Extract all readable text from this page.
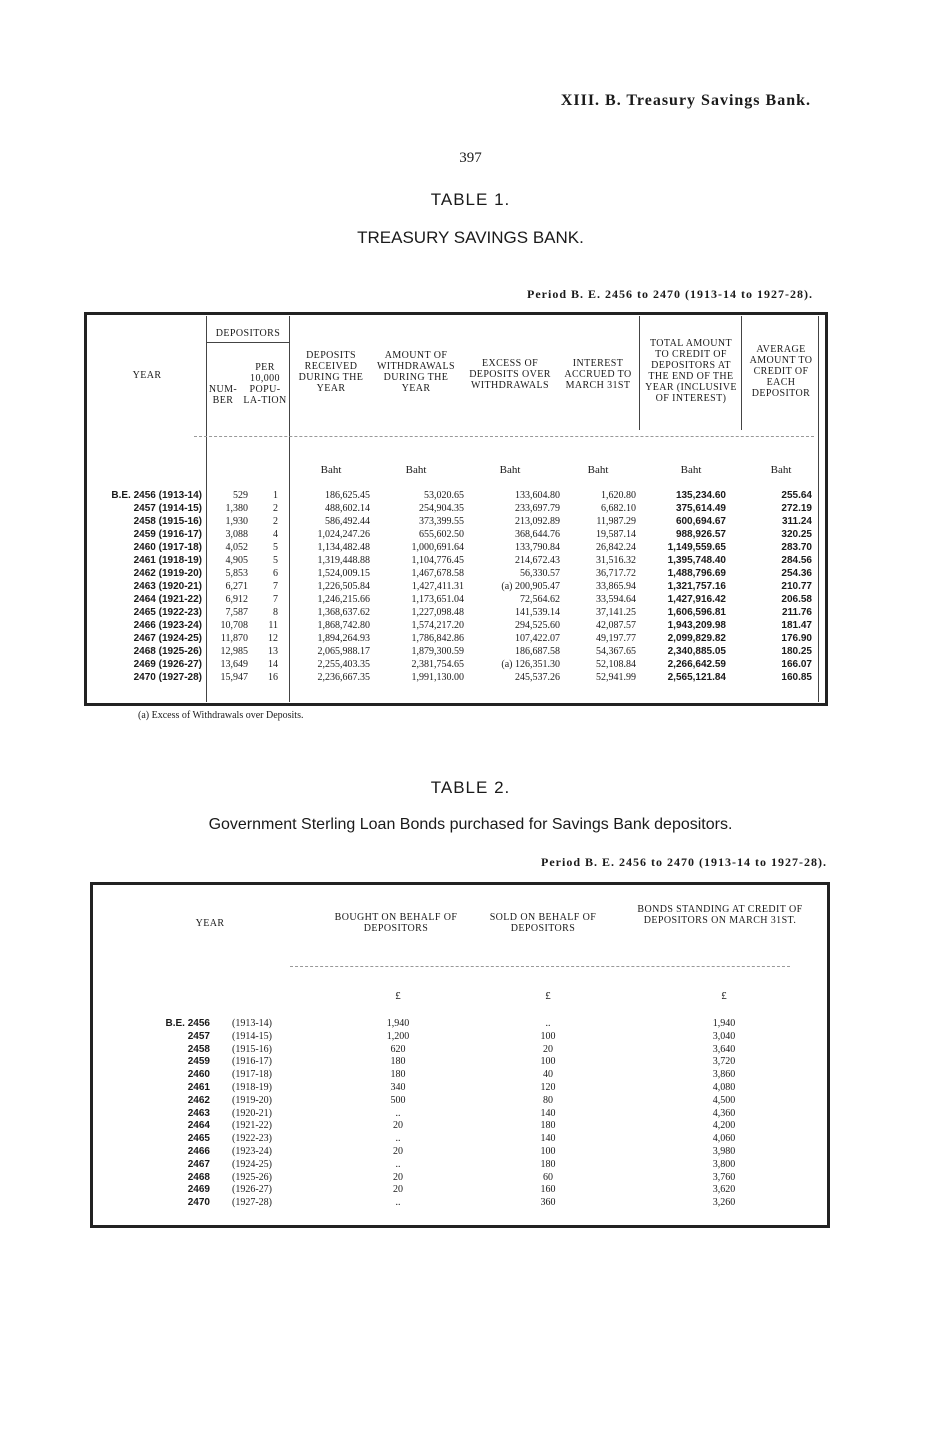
XIII. B. Treasury Savings Bank.
397
TABLE 1.
TREASURY SAVINGS BANK.
Period B. E. 2456 to 2470 (1913-14 to 1927-28).
YEAR
DEPOSITORS
NUM-BER
PER 10,000 POPU-LA-TION
DEPOSITS RECEIVED DURING THE YEAR
AMOUNT OF WITHDRAWALS DURING THE YEAR
EXCESS OF DEPOSITS OVER WITHDRAWALS
INTEREST ACCRUED TO MARCH 31ST
TOTAL AMOUNT TO CREDIT OF DEPOSITORS AT THE END OF THE YEAR (INCLUSIVE OF INTEREST)
AVERAGE AMOUNT TO CREDIT OF EACH DEPOSITOR
Baht	Baht	Baht	Baht	Baht	Baht
B.E. 2456 (1913-14)	529	1	186,625.45	53,020.65	133,604.80	1,620.80	135,234.60	255.64
2457 (1914-15)	1,380	2	488,602.14	254,904.35	233,697.79	6,682.10	375,614.49	272.19
2458 (1915-16)	1,930	2	586,492.44	373,399.55	213,092.89	11,987.29	600,694.67	311.24
2459 (1916-17)	3,088	4	1,024,247.26	655,602.50	368,644.76	19,587.14	988,926.57	320.25
2460 (1917-18)	4,052	5	1,134,482.48	1,000,691.64	133,790.84	26,842.24	1,149,559.65	283.70
2461 (1918-19)	4,905	5	1,319,448.88	1,104,776.45	214,672.43	31,516.32	1,395,748.40	284.56
2462 (1919-20)	5,853	6	1,524,009.15	1,467,678.58	56,330.57	36,717.72	1,488,796.69	254.36
2463 (1920-21)	6,271	7	1,226,505.84	1,427,411.31	(a) 200,905.47	33,865.94	1,321,757.16	210.77
2464 (1921-22)	6,912	7	1,246,215.66	1,173,651.04	72,564.62	33,594.64	1,427,916.42	206.58
2465 (1922-23)	7,587	8	1,368,637.62	1,227,098.48	141,539.14	37,141.25	1,606,596.81	211.76
2466 (1923-24)	10,708	11	1,868,742.80	1,574,217.20	294,525.60	42,087.57	1,943,209.98	181.47
2467 (1924-25)	11,870	12	1,894,264.93	1,786,842.86	107,422.07	49,197.77	2,099,829.82	176.90
2468 (1925-26)	12,985	13	2,065,988.17	1,879,300.59	186,687.58	54,367.65	2,340,885.05	180.25
2469 (1926-27)	13,649	14	2,255,403.35	2,381,754.65	(a) 126,351.30	52,108.84	2,266,642.59	166.07
2470 (1927-28)	15,947	16	2,236,667.35	1,991,130.00	245,537.26	52,941.99	2,565,121.84	160.85
(a) Excess of Withdrawals over Deposits.
TABLE 2.
Government Sterling Loan Bonds purchased for Savings Bank depositors.
Period B. E. 2456 to 2470 (1913-14 to 1927-28).
YEAR
BOUGHT ON BEHALF OF DEPOSITORS
SOLD ON BEHALF OF DEPOSITORS
BONDS STANDING AT CREDIT OF DEPOSITORS ON MARCH 31ST.
£	£	£
B.E. 2456	(1913-14)	1,940	..	1,940
2457	(1914-15)	1,200	100	3,040
2458	(1915-16)	620	20	3,640
2459	(1916-17)	180	100	3,720
2460	(1917-18)	180	40	3,860
2461	(1918-19)	340	120	4,080
2462	(1919-20)	500	80	4,500
2463	(1920-21)	..	140	4,360
2464	(1921-22)	20	180	4,200
2465	(1922-23)	..	140	4,060
2466	(1923-24)	20	100	3,980
2467	(1924-25)	..	180	3,800
2468	(1925-26)	20	60	3,760
2469	(1926-27)	20	160	3,620
2470	(1927-28)	..	360	3,260
